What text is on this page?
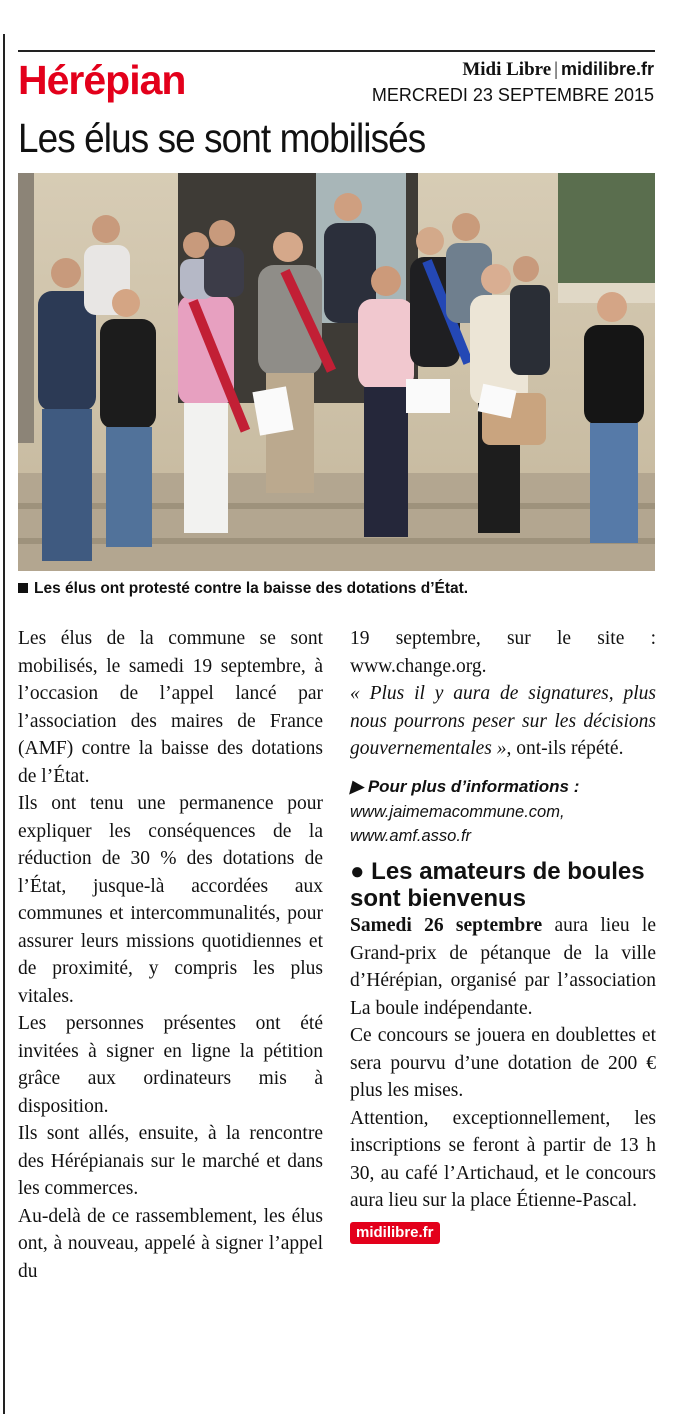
Hérépian	Midi Libre | midilibre.fr
MERCREDI 23 SEPTEMBRE 2015
Les élus se sont mobilisés
Les élus ont protesté contre la baisse des dotations d’État.

Les élus de la commune se sont mobilisés, le samedi 19 septembre, à l’occasion de l’appel lancé par l’association des maires de France (AMF) contre la baisse des dotations de l’État.

Ils ont tenu une permanence pour expliquer les conséquences de la réduction de 30 % des dotations de l’État, jusque-là accordées aux communes et intercommunalités, pour assurer leurs missions quotidiennes et de proximité, y compris les plus vitales.

Les personnes présentes ont été invitées à signer en ligne la pétition grâce aux ordinateurs mis à disposition.

Ils sont allés, ensuite, à la rencontre des Hérépianais sur le marché et dans les commerces.

Au-delà de ce rassemblement, les élus ont, à nouveau, appelé à signer l’appel du

19 septembre, sur le site : www.change.org.

« Plus il y aura de signatures, plus nous pourrons peser sur les décisions gouvernementales », ont-ils répété.

▶ Pour plus d’informations :

www.jaimemacommune.com,

www.amf.asso.fr

● Les amateurs de boules sont bienvenus

Samedi 26 septembre aura lieu le Grand-prix de pétanque de la ville d’Hérépian, organisé par l’association La boule indépendante.

Ce concours se jouera en doublettes et sera pourvu d’une dotation de 200 € plus les mises.

Attention, exceptionnellement, les inscriptions se feront à partir de 13 h 30, au café l’Artichaud, et le concours aura lieu sur la place Étienne-Pascal.

midilibre.fr
